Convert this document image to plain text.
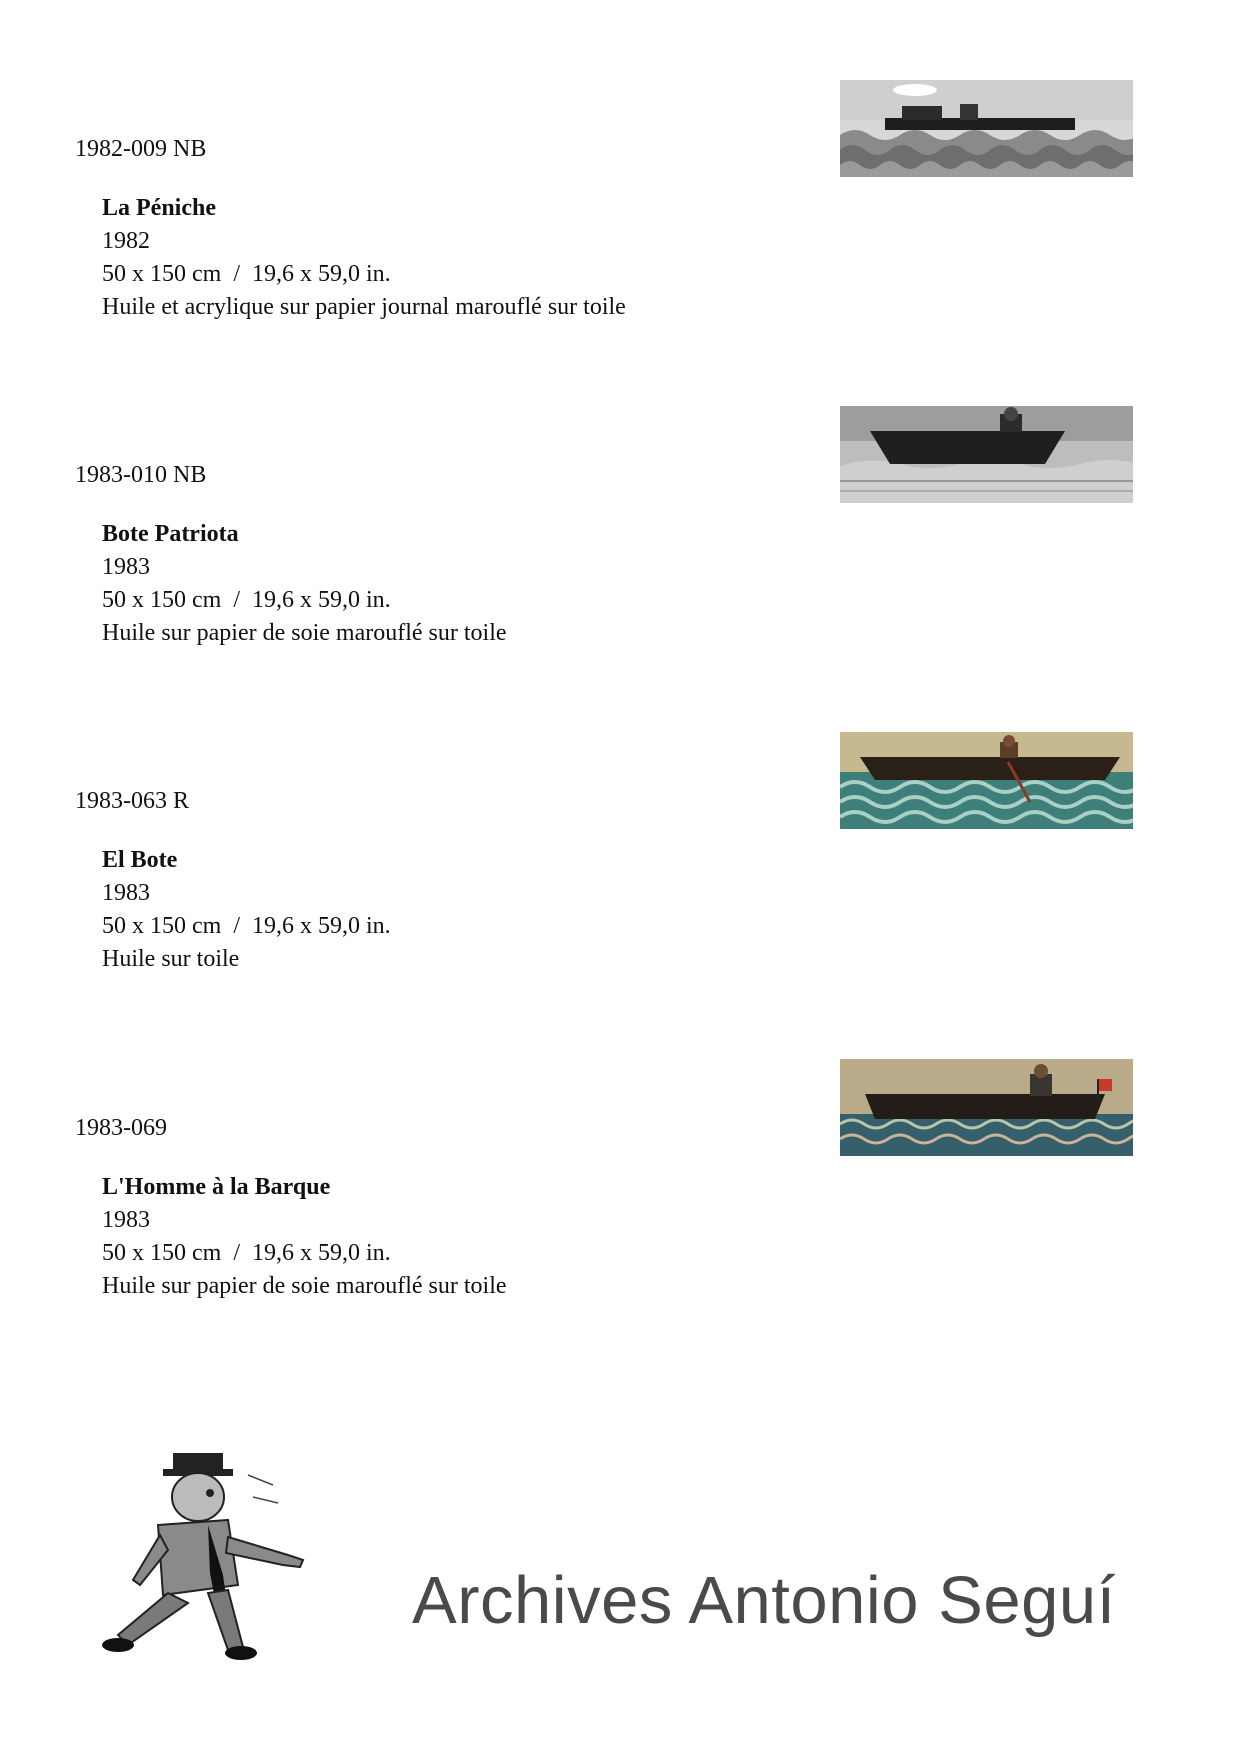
1982-009 NB
La Péniche
1982
50 x 150 cm  /  19,6 x 59,0 in.
Huile et acrylique sur papier journal marouflé sur toile
1983-010 NB
Bote Patriota
1983
50 x 150 cm  /  19,6 x 59,0 in.
Huile sur papier de soie marouflé sur toile
1983-063 R
El Bote
1983
50 x 150 cm  /  19,6 x 59,0 in.
Huile sur toile
1983-069
L'Homme à la Barque
1983
50 x 150 cm  /  19,6 x 59,0 in.
Huile sur papier de soie marouflé sur toile
Archives Antonio Seguí
